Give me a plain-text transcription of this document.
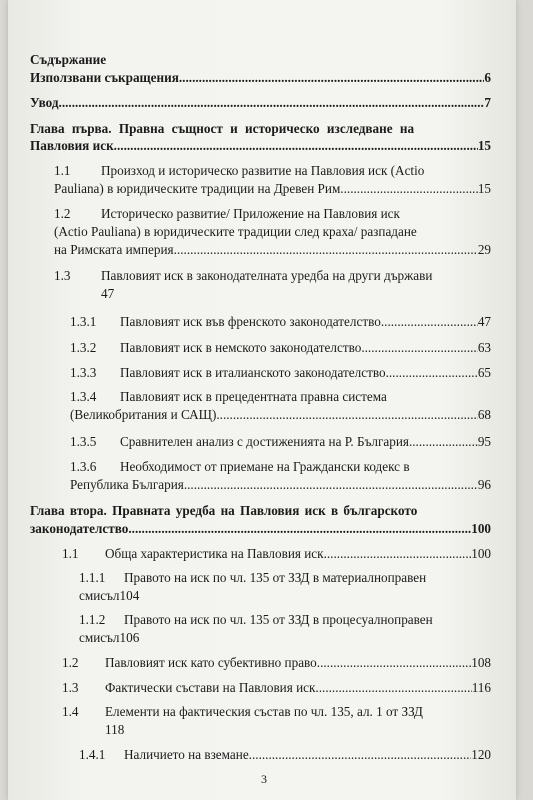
Съдържание
Използвани съкращения .....	6
Увод .....	7
Глава първа. Правна същност и историческо изследване на
Павловия иск .....	15
1.1 Произход и историческо развитие на Павловия иск (Actio
Pauliana) в юридическите традиции на Древен Рим .....	15
1.2 Историческо развитие/ Приложение на Павловия иск
(Actio Pauliana) в юридическите традиции след краха/ разпадане
на Римската империя .....	29
1.3 Павловият иск в законодателната уредба на други държави
47
1.3.1 Павловият иск във френското законодателство .....	47
1.3.2 Павловият иск в немското законодателство .....	63
1.3.3 Павловият иск в италианското законодателство .....	65
1.3.4 Павловият иск в прецедентната правна система
(Великобритания и САЩ) .....	68
1.3.5 Сравнителен анализ с достиженията на Р. България .....	95
1.3.6 Необходимост от приемане на Граждански кодекс в
Република България .....	96
Глава втора. Правната уредба на Павловия иск в българското
законодателство .....	100
1.1 Обща характеристика на Павловия иск .....	100
1.1.1 Правото на иск по чл. 135 от ЗЗД в материалноправен
смисъл104
1.1.2 Правото на иск по чл. 135 от ЗЗД в процесуалноправен
смисъл106
1.2 Павловият иск като субективно право .....	108
1.3 Фактически състави на Павловия иск .....	116
1.4 Елементи на фактическия състав по чл. 135, ал. 1 от ЗЗД
118
1.4.1 Наличието на вземане .....	120
3
